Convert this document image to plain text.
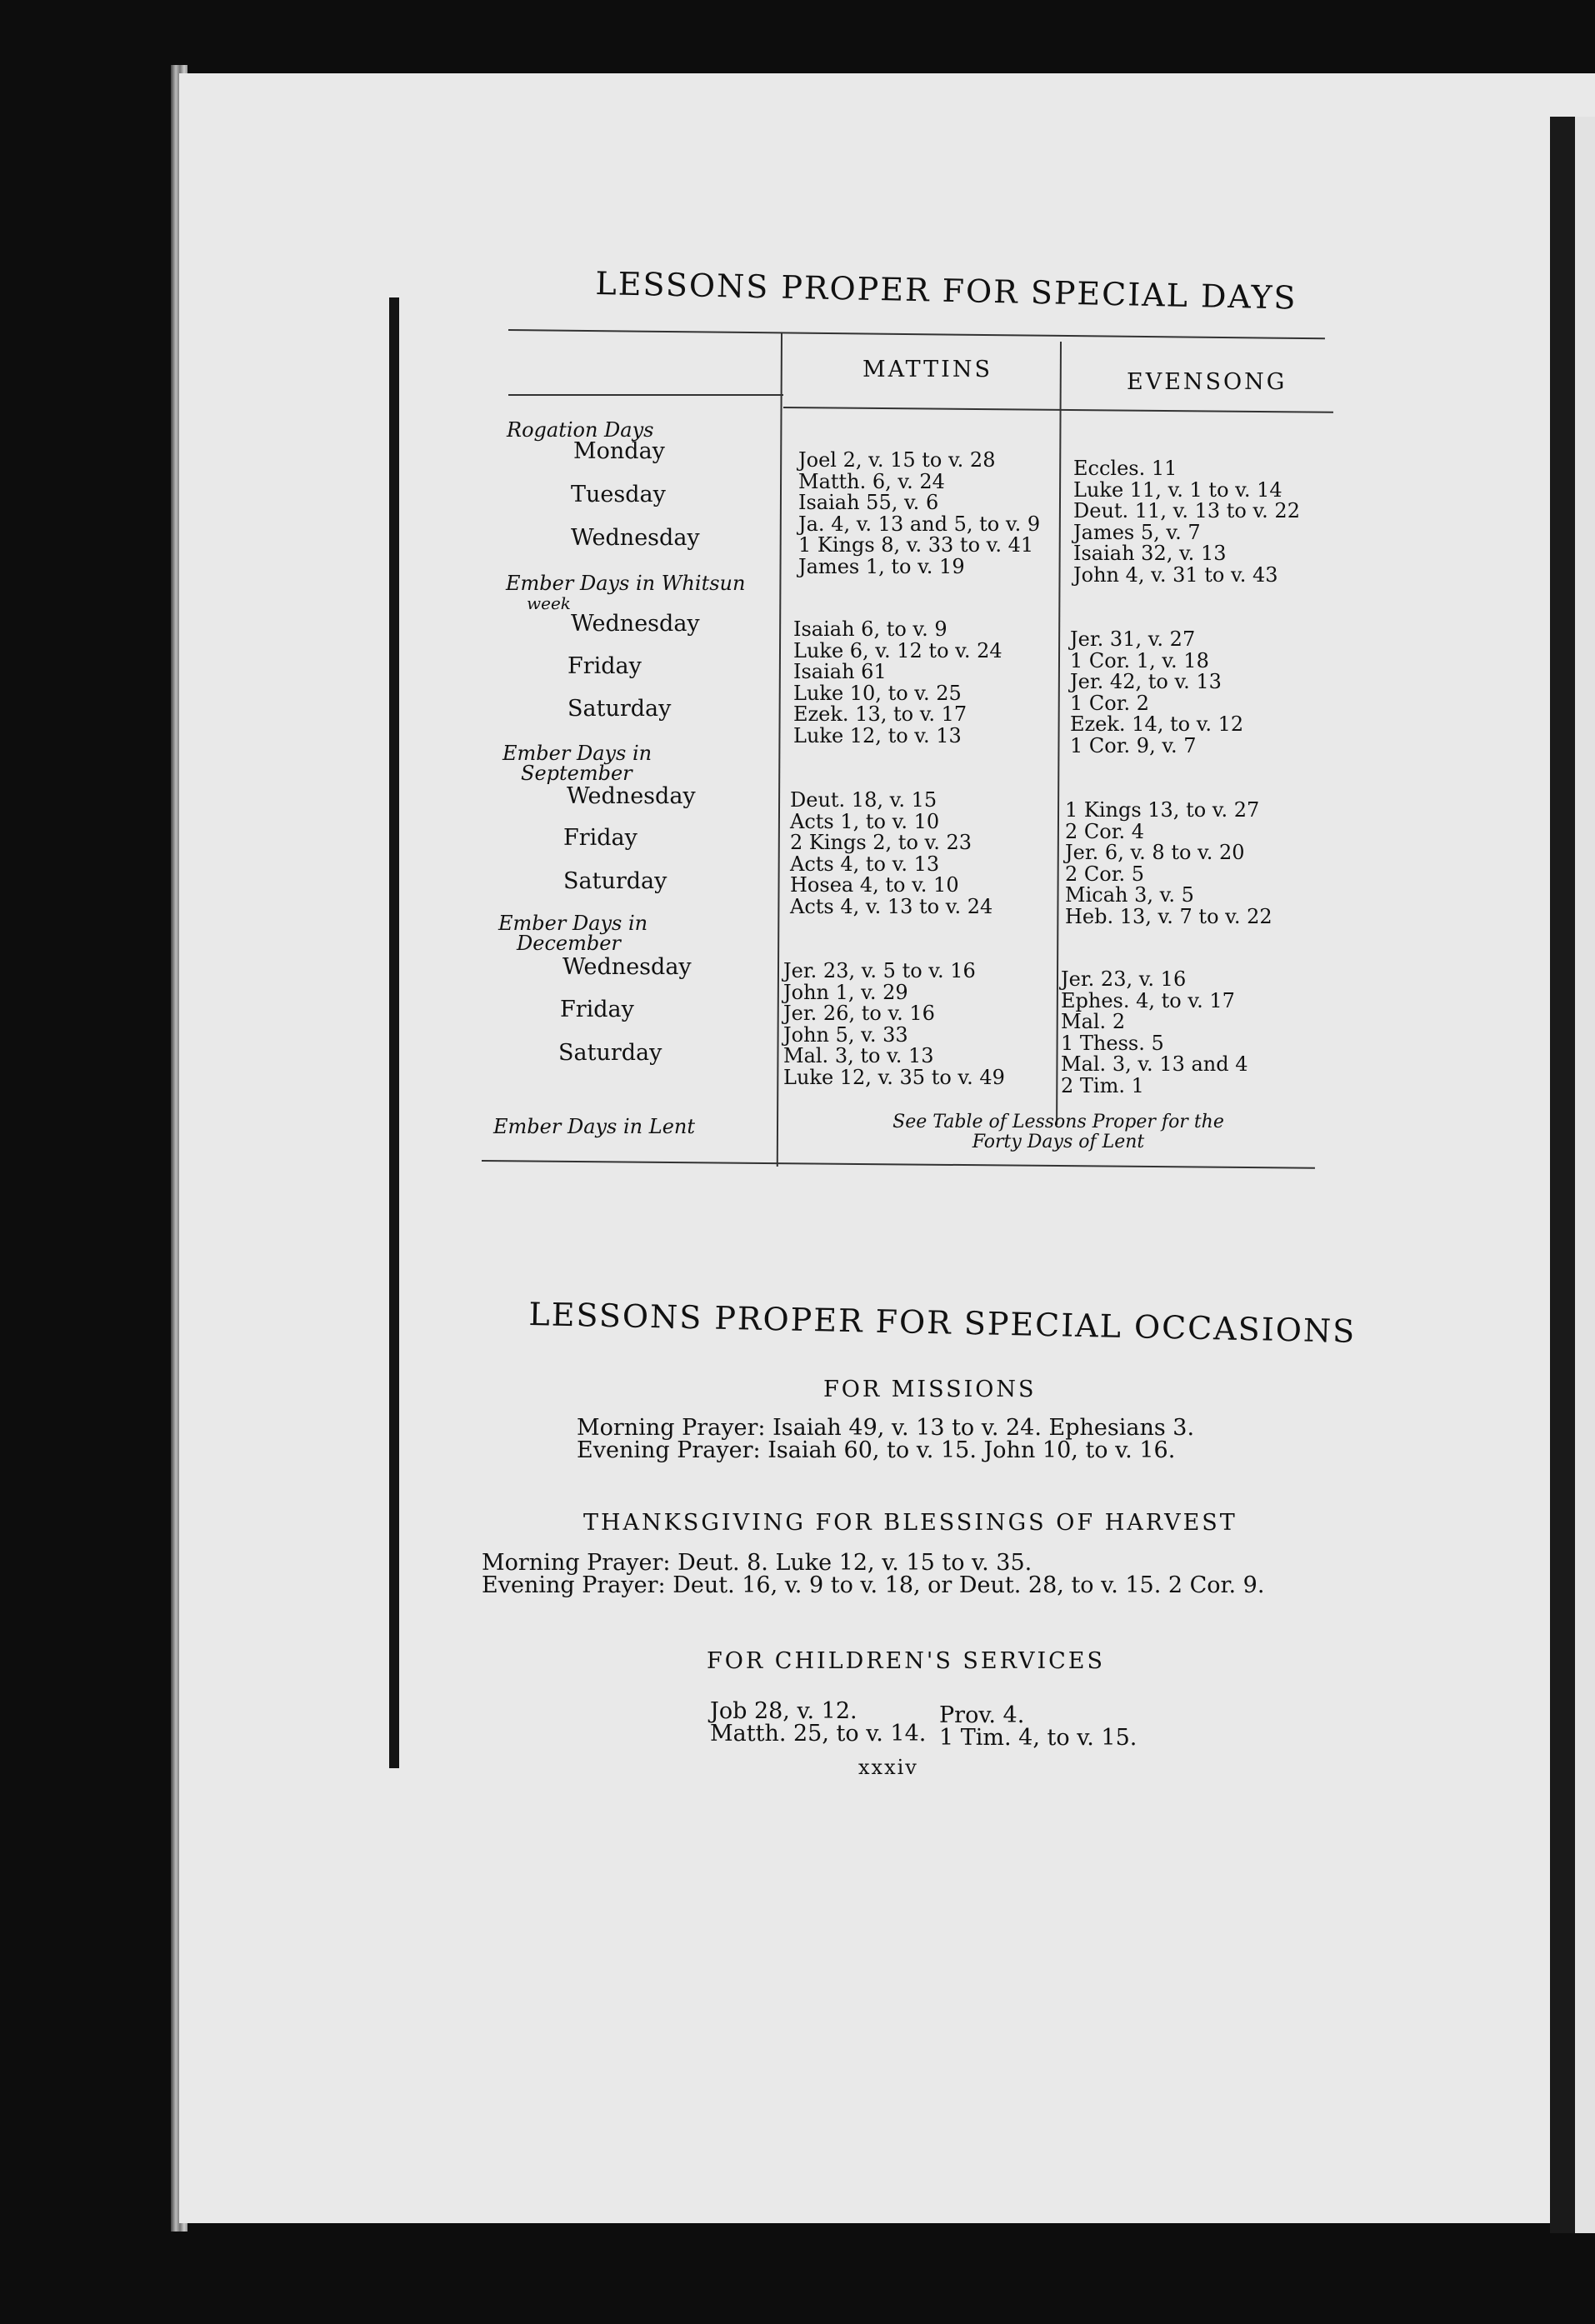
LESSONS PROPER FOR SPECIAL DAYS
MATTINS	EVENSONG
Rogation Days
Monday
Tuesday
Wednesday
Ember Days in Whitsun
week
Wednesday
Friday
Saturday
Ember Days in
September
Wednesday
Friday
Saturday
Ember Days in
December
Wednesday
Friday
Saturday
Ember Days in Lent
Joel 2, v. 15 to v. 28
Matth. 6, v. 24
Isaiah 55, v. 6
Ja. 4, v. 13 and 5, to v. 9
1 Kings 8, v. 33 to v. 41
James 1, to v. 19
Isaiah 6, to v. 9
Luke 6, v. 12 to v. 24
Isaiah 61
Luke 10, to v. 25
Ezek. 13, to v. 17
Luke 12, to v. 13
Deut. 18, v. 15
Acts 1, to v. 10
2 Kings 2, to v. 23
Acts 4, to v. 13
Hosea 4, to v. 10
Acts 4, v. 13 to v. 24
Jer. 23, v. 5 to v. 16
John 1, v. 29
Jer. 26, to v. 16
John 5, v. 33
Mal. 3, to v. 13
Luke 12, v. 35 to v. 49
Eccles. 11
Luke 11, v. 1 to v. 14
Deut. 11, v. 13 to v. 22
James 5, v. 7
Isaiah 32, v. 13
John 4, v. 31 to v. 43
Jer. 31, v. 27
1 Cor. 1, v. 18
Jer. 42, to v. 13
1 Cor. 2
Ezek. 14, to v. 12
1 Cor. 9, v. 7
1 Kings 13, to v. 27
2 Cor. 4
Jer. 6, v. 8 to v. 20
2 Cor. 5
Micah 3, v. 5
Heb. 13, v. 7 to v. 22
Jer. 23, v. 16
Ephes. 4, to v. 17
Mal. 2
1 Thess. 5
Mal. 3, v. 13 and 4
2 Tim. 1
See Table of Lessons Proper for the
Forty Days of Lent
LESSONS PROPER FOR SPECIAL OCCASIONS
FOR MISSIONS
Morning Prayer: Isaiah 49, v. 13 to v. 24. Ephesians 3.
Evening Prayer: Isaiah 60, to v. 15. John 10, to v. 16.
THANKSGIVING FOR BLESSINGS OF HARVEST
Morning Prayer: Deut. 8. Luke 12, v. 15 to v. 35.
Evening Prayer: Deut. 16, v. 9 to v. 18, or Deut. 28, to v. 15. 2 Cor. 9.
FOR CHILDREN'S SERVICES
Job 28, v. 12.
Matth. 25, to v. 14.
Prov. 4.
1 Tim. 4, to v. 15.
xxxiv
